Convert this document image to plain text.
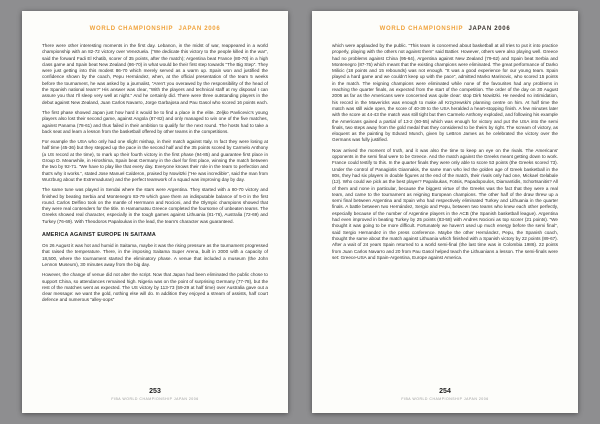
WORLD CHAMPIONSHIP JAPAN 2006

There were other interesting moments in the first day. Lebanon, in the midst of war, reappeared in a world championship with an 82-72 victory over Venezuela. (“We dedicate this victory to the people killed in the war”, said the forward Fadi El Khatib, scorer of 35 points, after the match); Argentina beat France (80-70) in a high class game and Spain beat New Zealand (86-70) in what would be their first step towards “The Big Step”. They were just getting into this modest 86-70 which merely served as a warm up. Spain won and justified the confidence shown by the coach, Pepu Hernández, when, at the official presentation of the team 5 weeks before the tournament, he was asked by a journalist, “Aren't you overawed by the responsibility of the head of the Spanish national team?” His answer was clear, “With the players and technical staff at my disposal I can assure you that I'll sleep very well at night.” And he certainly did. There were three outstanding players in the debut against New Zealand, Juan Carlos Navarro, Jorge Garbajosa and Pau Gasol who scored 16 points each.

The first phase showed Japan just how hard it would be to find a place in the elite. Zeljko Pavlicevic's young players also lost their second game, against Angola (87-82) and only managed to win one of the five matches, against Panama (78-61) and thus failed in their ambition to qualify for the next round. The hosts had to take a back seat and learn a lesson from the basketball offered by other teams in the competitions.

For example the USA who only had one slight mishap, in their match against Italy. In fact they were losing at half time (45-36) but they stepped up the pace in the second half and the 35 points scored by Carmelo Anthony (a US record at the time), to mark up their fourth victory in the first phase (94-85) and guarantee first place in Group D. Meanwhile, in Hiroshima, Spain beat Germany in the duel for first place, winning the match between the two by 92-71. “We have to play like that every day. Everyone knows their role in the team to perfection and that's why it works.”, stated Jose Manuel Calderon, praised by Nowitzki (“He was incredible”, said the man from Wurzburg about the Extremaduran) and the perfect teamwork of a squad was improving day by day.

The same tune was played in Sendai where the stars were Argentina. They started with a 80-70 victory and finished by beating Serbia and Montenegro 83-79 which gave them an indisputable balance of 5-0 in the first round. Carlos Delfino took on the mantle of Herrmann and Nocioni, and the Olympic champions showed that they were real contenders for the title. In Hamamatsu Greece completed the foursome of unbeaten teams. The Greeks showed real character, especially in the tough games against Lithuania (81-76), Australia (72-69) and Turkey (76-69). With Theodoros Papaloukas in the lead, the team's character was guaranteed.

AMERICA AGAINST EUROPE IN SAITAMA

On 26 August it was hot and humid in Saitama, maybe it was the rising pressure as the tournament progressed that raised the temperature. There, in the imposing Saitama Super Arena, built in 2000 with a capacity of 18,500, where the tournament started the eliminatory phase. A venue that included a museum (the John Lennon Museum), 30 minutes away from the big day.

However, the change of venue did not alter the script. Now that Japan had been eliminated the public chose to support China, so attendances remained high. Nigeria was on the point of surprising Germany (77-78), but the rest of the matches went as expected. The US victory by 113-73 (59-29 at half time) over Australia gave out a clear message: we want the gold, nothing else will do. In addition they enjoyed a stream of assists, half court defence and numerous “alley-oops”

253
FIBA WORLD CHAMPIONSHIP JAPAN 2006
WORLD CHAMPIONSHIP JAPAN 2006

which were applauded by the public. “This team is concerned about basketball at all tries to put it into practice properly, playing with the others not against them” said Battier. However, others were also playing well. Greece had no problems against China (95-64), Argentina against New Zealand (79-62) and Spain beat Serbia and Montenegro (87-75) which meant that the existing champions were eliminated. The great performance of Darko Milicic (18 points and 15 rebounds) was not enough. “It was a good experience for our young team. Spain played a hard game and we couldn't keep up with the pace”, admitted Marko Marinovic, who scored 15 points in the match. The reigning champions were eliminated while none of the favourites had any problems in reaching the quarter finals, as expected from the start of the competition. The order of the day on 30 August 2006 as far as the Americans were concerned was quite clear: stop Dirk Nowitzki. He needed no intimidation, his record in the Mavericks was enough to make all Krzyzewski's planning centre on him. At half time the match was still wide open, the score of 40-39 to the USA heralded a heart-stopping finish. A few minutes later with the score at 44-43 the match was still tight but then Carmelo Anthony exploded, and following his example the Americans gained a partial of 13-2 (60-55) which was enough for victory and put the USA into the semi finals, two steps away from the gold medal that they considered to be theirs by right. The scream of victory, as eloquent as the painting by Edvard Munch, given by LeBron James as he celebrated the victory over the Germans was fully justified.

Now arrived the moment of truth, and it was also the time to keep an eye on the rivals. The Americans' opponents in the semi final were to be Greece. And the match against the Greeks meant getting down to work. France could testify to this. In the quarter finals they were only able to score 53 points (the Greeks scored 73). Under the control of Panagiotis Giannakis, the same man who led the golden age of Greek basketball in the 80s, they had six players in double figures at the end of the match, their rivals only had one, Mickael Gelabale (12). Who could we pick as the best player? Papaloukas, Fotsis, Papadopoulos, Diamantidis, Schortsanitis? All of them and none in particular, because the biggest virtue of the Greeks was the fact that they were a real team, and came to the tournament as reigning European champions. The other half of the draw threw up a semi final between Argentina and Spain who had respectively eliminated Turkey and Lithuania in the quarter finals. A battle between two Hernández, Sergio and Pepu, between two teams who knew each other perfectly, especially because of the number of Argentine players in the ACB (the Spanish basketball league). Argentina had even improved in beating Turkey by 25 points (83-58) with Andres Nocioni as top scorer (21 points). “We thought it was going to be more difficult. Fortunately we haven't used up much energy before the semi final”, said Sergio Hernandez in the press conference. Maybe the other Hernández, Pepu, the Spanish coach, thought the same about the match against Lithuania which finished with a Spanish victory by 22 points (89-67). After a wait of 24 years Spain returned to a world semi-final (the last time was in Colombia 1986). 22 points from Juan Carlos Navarro and 20 from Pau Gasol helped teach the Lithuanians a lesson. The semi-finals were set: Greece-USA and Spain-Argentina, Europe against America.

254
FIBA WORLD CHAMPIONSHIP JAPAN 2006
